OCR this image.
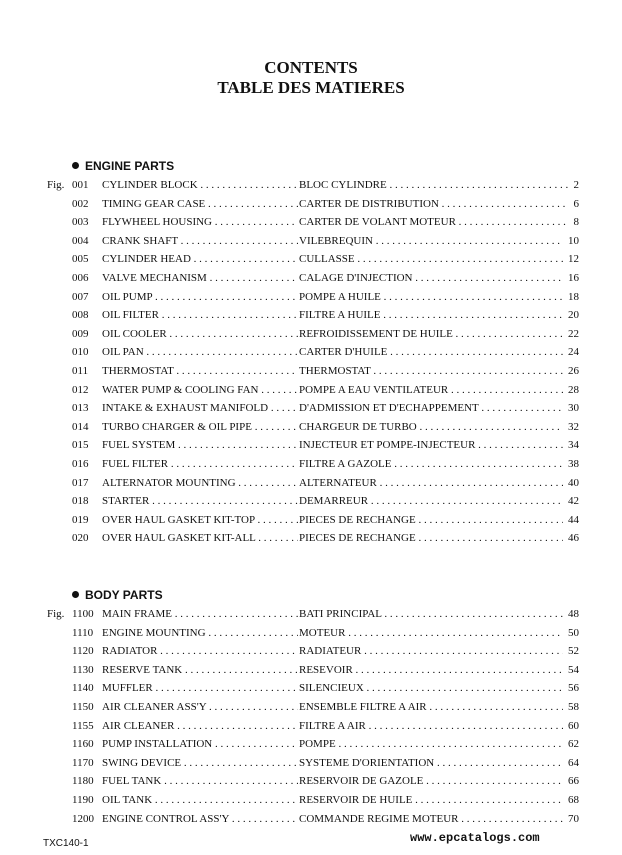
CONTENTS
TABLE DES MATIERES
ENGINE PARTS
Fig. 001 CYLINDER BLOCK . . .	BLOC CYLINDRE . . .	2
002 TIMING GEAR CASE . . .	CARTER DE DISTRIBUTION . . .	6
003 FLYWHEEL HOUSING . . .	CARTER DE VOLANT MOTEUR . . .	8
004 CRANK SHAFT . . .	VILEBREQUIN . . .	10
005 CYLINDER HEAD . . .	CULLASSE . . .	12
006 VALVE MECHANISM . . .	CALAGE D'INJECTION . . .	16
007 OIL PUMP . . .	POMPE A HUILE . . .	18
008 OIL FILTER . . .	FILTRE A HUILE . . .	20
009 OIL COOLER . . .	REFROIDISSEMENT DE HUILE . . .	22
010 OIL PAN . . .	CARTER D'HUILE . . .	24
011 THERMOSTAT . . .	THERMOSTAT . . .	26
012 WATER PUMP & COOLING FAN . . .	POMPE A EAU VENTILATEUR . . .	28
013 INTAKE & EXHAUST MANIFOLD . . .	D'ADMISSION ET D'ECHAPPEMENT . . .	30
014 TURBO CHARGER & OIL PIPE . . .	CHARGEUR DE TURBO . . .	32
015 FUEL SYSTEM . . .	INJECTEUR ET POMPE-INJECTEUR . . .	34
016 FUEL FILTER . . .	FILTRE A GAZOLE . . .	38
017 ALTERNATOR MOUNTING . . .	ALTERNATEUR . . .	40
018 STARTER . . .	DEMARREUR . . .	42
019 OVER HAUL GASKET KIT-TOP . . .	PIECES DE RECHANGE . . .	44
020 OVER HAUL GASKET KIT-ALL . . .	PIECES DE RECHANGE . . .	46
BODY PARTS
Fig. 1100 MAIN FRAME . . .	BATI PRINCIPAL . . .	48
1110 ENGINE MOUNTING . . .	MOTEUR . . .	50
1120 RADIATOR . . .	RADIATEUR . . .	52
1130 RESERVE TANK . . .	RESEVOIR . . .	54
1140 MUFFLER . . .	SILENCIEUX . . .	56
1150 AIR CLEANER ASS'Y . . .	ENSEMBLE FILTRE A AIR . . .	58
1155 AIR CLEANER . . .	FILTRE A AIR . . .	60
1160 PUMP INSTALLATION . . .	POMPE . . .	62
1170 SWING DEVICE . . .	SYSTEME D'ORIENTATION . . .	64
1180 FUEL TANK . . .	RESERVOIR DE GAZOLE . . .	66
1190 OIL TANK . . .	RESERVOIR DE HUILE . . .	68
1200 ENGINE CONTROL ASS'Y . . .	COMMANDE REGIME MOTEUR . . .	70
TXC140-1	www.epcatalogs.com
